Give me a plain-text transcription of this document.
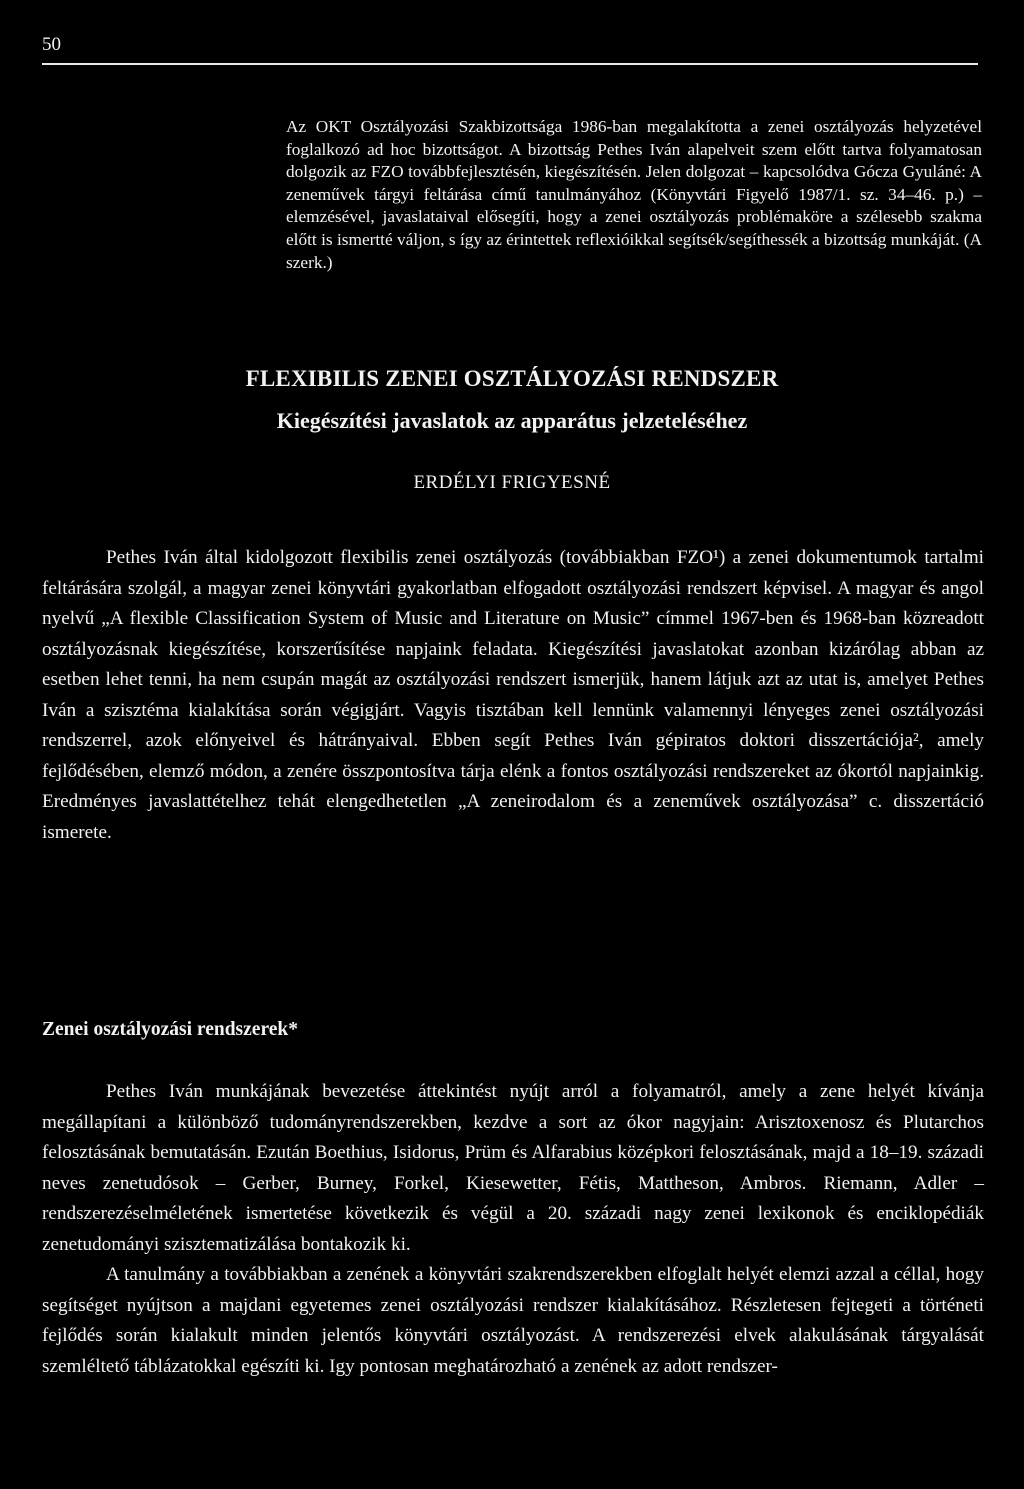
50

Az OKT Osztályozási Szakbizottsága 1986-ban megalakította a zenei osztályozás helyzetével foglalkozó ad hoc bizottságot. A bizottság Pethes Iván alapelveit szem előtt tartva folyamatosan dolgozik az FZO továbbfejlesztésén, kiegészítésén. Jelen dolgozat – kapcsolódva Gócza Gyuláné: A zeneművek tárgyi feltárása című tanulmányához (Könyvtári Figyelő 1987/1. sz. 34–46. p.) – elemzésével, javaslataival elősegíti, hogy a zenei osztályozás problémaköre a szélesebb szakma előtt is ismertté váljon, s így az érintettek reflexióikkal segítsék/segíthessék a bizottság munkáját. (A szerk.)

FLEXIBILIS ZENEI OSZTÁLYOZÁSI RENDSZER
Kiegészítési javaslatok az apparátus jelzeteléséhez
ERDÉLYI FRIGYESNÉ

Pethes Iván által kidolgozott flexibilis zenei osztályozás (továbbiakban FZO¹) a zenei dokumentumok tartalmi feltárására szolgál, a magyar zenei könyvtári gyakorlatban elfogadott osztályozási rendszert képvisel. A magyar és angol nyelvű „A flexible Classification System of Music and Literature on Music” címmel 1967-ben és 1968-ban közreadott osztályozásnak kiegészítése, korszerűsítése napjaink feladata. Kiegészítési javaslatokat azonban kizárólag abban az esetben lehet tenni, ha nem csupán magát az osztályozási rendszert ismerjük, hanem látjuk azt az utat is, amelyet Pethes Iván a szisztéma kialakítása során végigjárt. Vagyis tisztában kell lennünk valamennyi lényeges zenei osztályozási rendszerrel, azok előnyeivel és hátrányaival. Ebben segít Pethes Iván gépiratos doktori disszertációja², amely fejlődésében, elemző módon, a zenére összpontosítva tárja elénk a fontos osztályozási rendszereket az ókortól napjainkig. Eredményes javaslattételhez tehát elengedhetetlen „A zeneirodalom és a zeneművek osztályozása” c. disszertáció ismerete.

Zenei osztályozási rendszerek*

Pethes Iván munkájának bevezetése áttekintést nyújt arról a folyamatról, amely a zene helyét kívánja megállapítani a különböző tudományrendszerekben, kezdve a sort az ókor nagyjain: Arisztoxenosz és Plutarchos felosztásának bemutatásán. Ezután Boethius, Isidorus, Prüm és Alfarabius középkori felosztásának, majd a 18–19. századi neves zenetudósok – Gerber, Burney, Forkel, Kiesewetter, Fétis, Mattheson, Ambros. Riemann, Adler – rendszerezéselméletének ismertetése következik és végül a 20. századi nagy zenei lexikonok és enciklopédiák zenetudományi szisztematizálása bontakozik ki.

A tanulmány a továbbiakban a zenének a könyvtári szakrendszerekben elfoglalt helyét elemzi azzal a céllal, hogy segítséget nyújtson a majdani egyetemes zenei osztályozási rendszer kialakításához. Részletesen fejtegeti a történeti fejlődés során kialakult minden jelentős könyvtári osztályozást. A rendszerezési elvek alakulásának tárgyalását szemléltető táblázatokkal egészíti ki. Igy pontosan meghatározható a zenének az adott rendszer-
